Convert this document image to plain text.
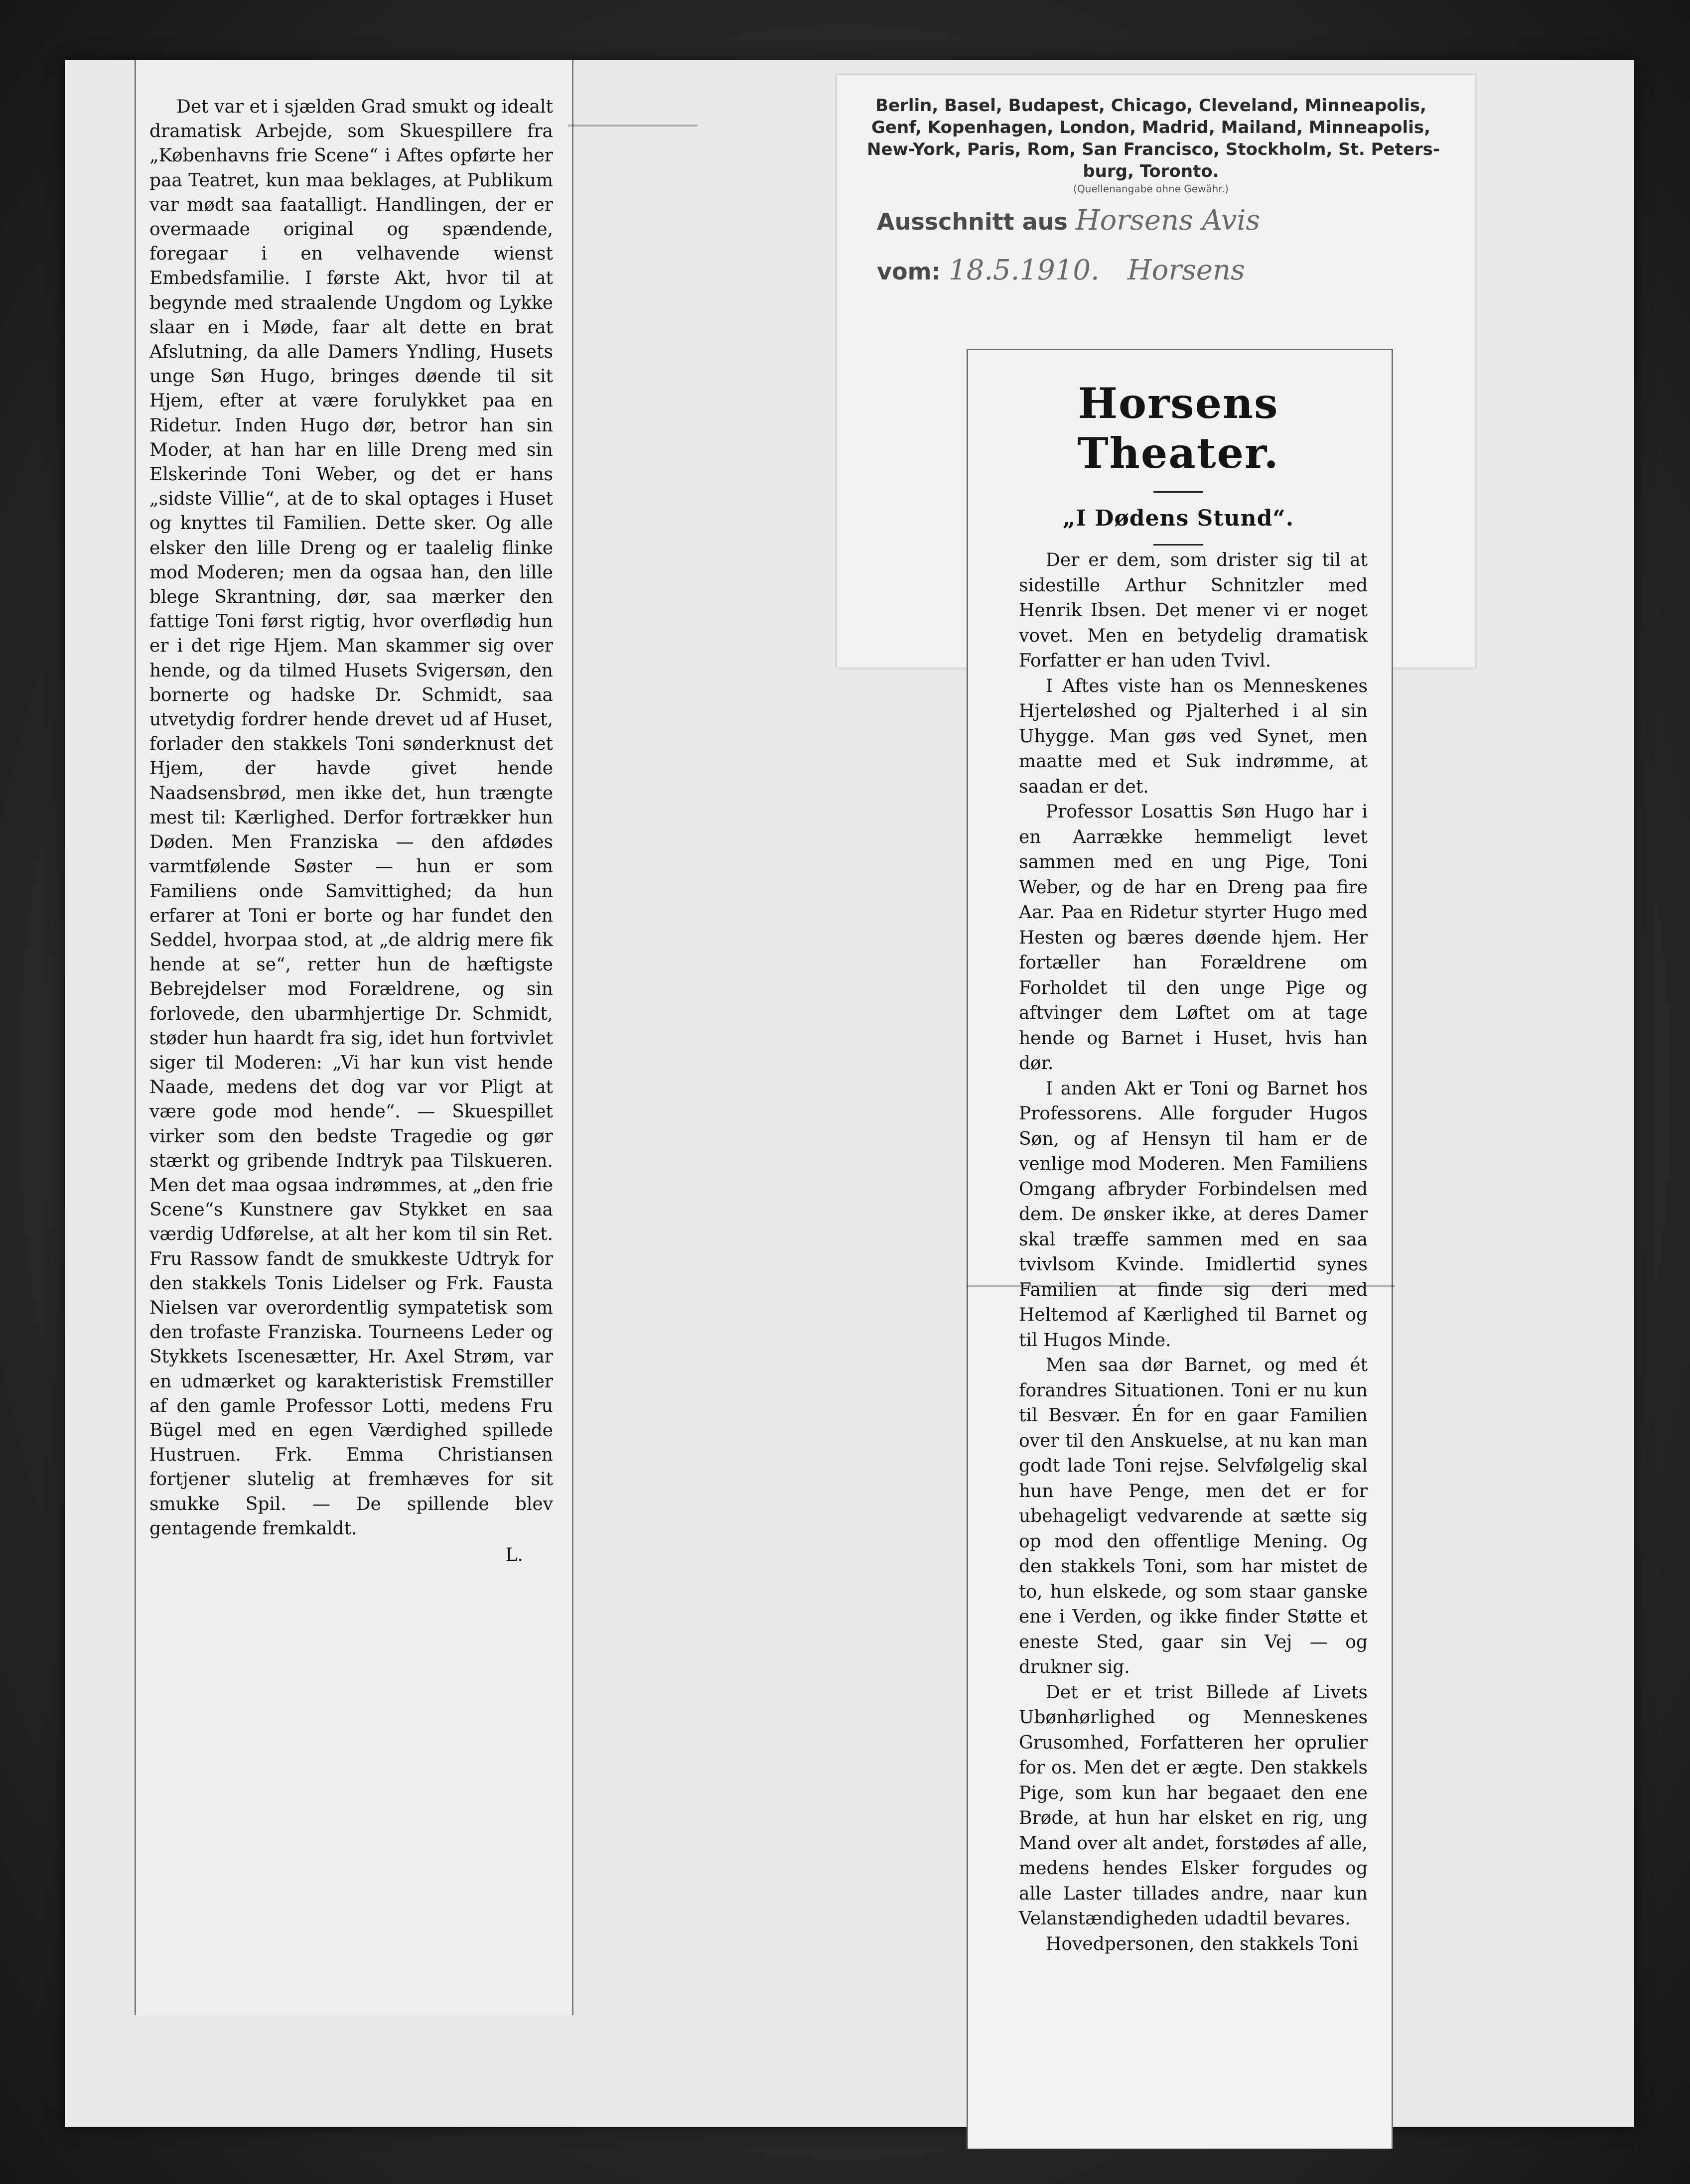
Det var et i sjælden Grad smukt og idealt dramatisk Arbejde, som Skuespillere fra „Københavns frie Scene“ i Aftes opførte her paa Teatret, kun maa beklages, at Publikum var mødt saa faatalligt. Handlingen, der er overmaade original og spændende, foregaar i en velhavende wienst Embedsfamilie. I første Akt, hvor til at begynde med straalende Ungdom og Lykke slaar en i Møde, faar alt dette en brat Afslutning, da alle Damers Yndling, Husets unge Søn Hugo, bringes døende til sit Hjem, efter at være forulykket paa en Ridetur. Inden Hugo dør, betror han sin Moder, at han har en lille Dreng med sin Elskerinde Toni Weber, og det er hans „sidste Villie“, at de to skal optages i Huset og knyttes til Familien. Dette sker. Og alle elsker den lille Dreng og er taalelig flinke mod Moderen; men da ogsaa han, den lille blege Skrantning, dør, saa mærker den fattige Toni først rigtig, hvor overflødig hun er i det rige Hjem. Man skammer sig over hende, og da tilmed Husets Svigersøn, den bornerte og hadske Dr. Schmidt, saa utvetydig fordrer hende drevet ud af Huset, forlader den stakkels Toni sønderknust det Hjem, der havde givet hende Naadsensbrød, men ikke det, hun trængte mest til: Kærlighed. Derfor fortrækker hun Døden. Men Franziska — den afdødes varmtfølende Søster — hun er som Familiens onde Samvittighed; da hun erfarer at Toni er borte og har fundet den Seddel, hvorpaa stod, at „de aldrig mere fik hende at se“, retter hun de hæftigste Bebrejdelser mod Forældrene, og sin forlovede, den ubarmhjertige Dr. Schmidt, støder hun haardt fra sig, idet hun fortvivlet siger til Moderen: „Vi har kun vist hende Naade, medens det dog var vor Pligt at være gode mod hende“. — Skuespillet virker som den bedste Tragedie og gør stærkt og gribende Indtryk paa Tilskueren. Men det maa ogsaa indrømmes, at „den frie Scene“s Kunstnere gav Stykket en saa værdig Udførelse, at alt her kom til sin Ret. Fru Rassow fandt de smukkeste Udtryk for den stakkels Tonis Lidelser og Frk. Fausta Nielsen var overordentlig sympatetisk som den trofaste Franziska. Tourneens Leder og Stykkets Iscenesætter, Hr. Axel Strøm, var en udmærket og karakteristisk Fremstiller af den gamle Professor Lotti, medens Fru Bügel med en egen Værdighed spillede Hustruen. Frk. Emma Christiansen fortjener slutelig at fremhæves for sit smukke Spil. — De spillende blev gentagende fremkaldt.

L.
Berlin, Basel, Budapest, Chicago, Cleveland, Minneapolis,
Genf, Kopenhagen, London, Madrid, Mailand, Minneapolis,
New-York, Paris, Rom, San Francisco, Stockholm, St. Peters-
burg, Toronto.
(Quellenangabe ohne Gewähr.)
Ausschnitt aus Horsens Avis
vom: 18.5.1910. Horsens
Horsens Theater.
„I Dødens Stund“.

Der er dem, som drister sig til at sidestille Arthur Schnitzler med Henrik Ibsen. Det mener vi er noget vovet. Men en betydelig dramatisk Forfatter er han uden Tvivl.

I Aftes viste han os Menneskenes Hjerteløshed og Pjalterhed i al sin Uhygge. Man gøs ved Synet, men maatte med et Suk indrømme, at saadan er det.

Professor Losattis Søn Hugo har i en Aarrække hemmeligt levet sammen med en ung Pige, Toni Weber, og de har en Dreng paa fire Aar. Paa en Ridetur styrter Hugo med Hesten og bæres døende hjem. Her fortæller han Forældrene om Forholdet til den unge Pige og aftvinger dem Løftet om at tage hende og Barnet i Huset, hvis han dør.

I anden Akt er Toni og Barnet hos Professorens. Alle forguder Hugos Søn, og af Hensyn til ham er de venlige mod Moderen. Men Familiens Omgang afbryder Forbindelsen med dem. De ønsker ikke, at deres Damer skal træffe sammen med en saa tvivlsom Kvinde. Imidlertid synes Familien at finde sig deri med Heltemod af Kærlighed til Barnet og til Hugos Minde.

Men saa dør Barnet, og med ét forandres Situationen. Toni er nu kun til Besvær. Én for en gaar Familien over til den Anskuelse, at nu kan man godt lade Toni rejse. Selvfølgelig skal hun have Penge, men det er for ubehageligt vedvarende at sætte sig op mod den offentlige Mening. Og den stakkels Toni, som har mistet de to, hun elskede, og som staar ganske ene i Verden, og ikke finder Støtte et eneste Sted, gaar sin Vej — og drukner sig.

Det er et trist Billede af Livets Ubønhørlighed og Menneskenes Grusomhed, Forfatteren her oprulier for os. Men det er ægte. Den stakkels Pige, som kun har begaaet den ene Brøde, at hun har elsket en rig, ung Mand over alt andet, forstødes af alle, medens hendes Elsker forgudes og alle Laster tillades andre, naar kun Velanstændigheden udadtil bevares.

Hovedpersonen, den stakkels Toni
